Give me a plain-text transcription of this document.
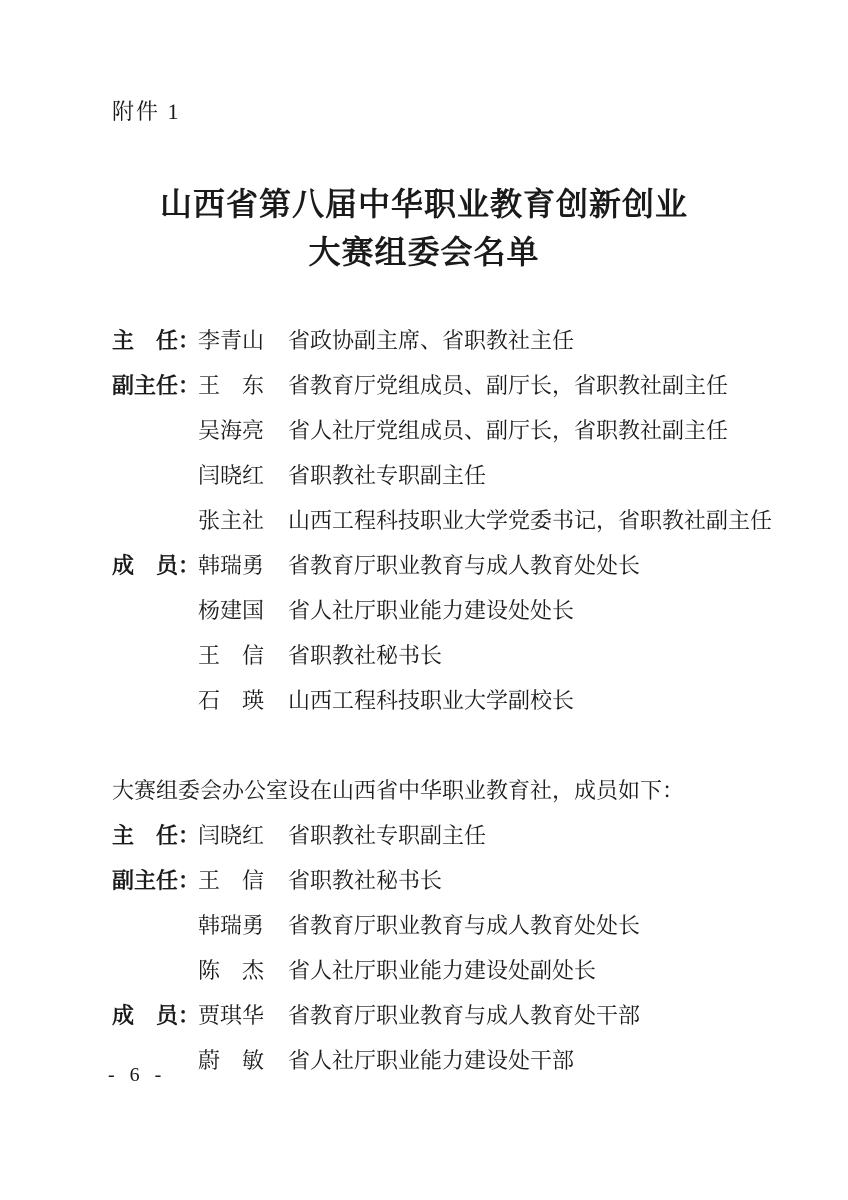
附件 1
山西省第八届中华职业教育创新创业
大赛组委会名单
主　任：
李青山 省政协副主席、省职教社主任
副主任：
王　东 省教育厅党组成员、副厅长，省职教社副主任
吴海亮 省人社厅党组成员、副厅长，省职教社副主任
闫晓红 省职教社专职副主任
张主社 山西工程科技职业大学党委书记，省职教社副主任
成　员：
韩瑞勇 省教育厅职业教育与成人教育处处长
杨建国 省人社厅职业能力建设处处长
王　信 省职教社秘书长
石　瑛 山西工程科技职业大学副校长
大赛组委会办公室设在山西省中华职业教育社，成员如下：
主　任：
闫晓红 省职教社专职副主任
副主任：
王　信 省职教社秘书长
韩瑞勇 省教育厅职业教育与成人教育处处长
陈　杰 省人社厅职业能力建设处副处长
成　员：
贾琪华 省教育厅职业教育与成人教育处干部
蔚　敏 省人社厅职业能力建设处干部
- 6 -
